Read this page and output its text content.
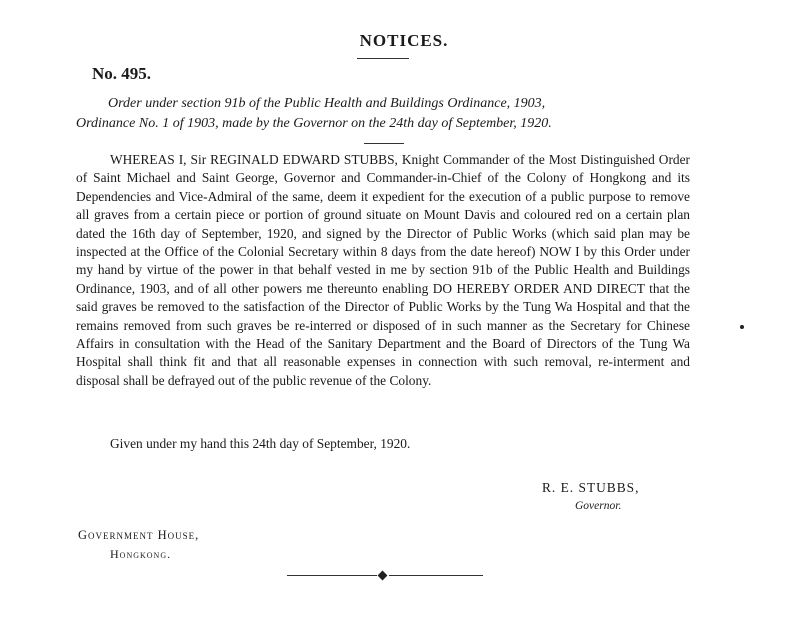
NOTICES.
No. 495.
Order under section 91b of the Public Health and Buildings Ordinance, 1903,
Ordinance No. 1 of 1903, made by the Governor on the 24th day of September, 1920.
WHEREAS I, Sir REGINALD EDWARD STUBBS, Knight Commander of the Most Distinguished Order of Saint Michael and Saint George, Governor and Commander-in-Chief of the Colony of Hongkong and its Dependencies and Vice-Admiral of the same, deem it expedient for the execution of a public purpose to remove all graves from a certain piece or portion of ground situate on Mount Davis and coloured red on a certain plan dated the 16th day of September, 1920, and signed by the Director of Public Works (which said plan may be inspected at the Office of the Colonial Secretary within 8 days from the date hereof) NOW I by this Order under my hand by virtue of the power in that behalf vested in me by section 91b of the Public Health and Buildings Ordinance, 1903, and of all other powers me thereunto enabling DO HEREBY ORDER AND DIRECT that the said graves be removed to the satisfaction of the Director of Public Works by the Tung Wa Hospital and that the remains removed from such graves be re-interred or disposed of in such manner as the Secretary for Chinese Affairs in consultation with the Head of the Sanitary Department and the Board of Directors of the Tung Wa Hospital shall think fit and that all reasonable expenses in connection with such removal, re-interment and disposal shall be defrayed out of the public revenue of the Colony.
Given under my hand this 24th day of September, 1920.
R. E. STUBBS,
Governor.
Government House,
Hongkong.
